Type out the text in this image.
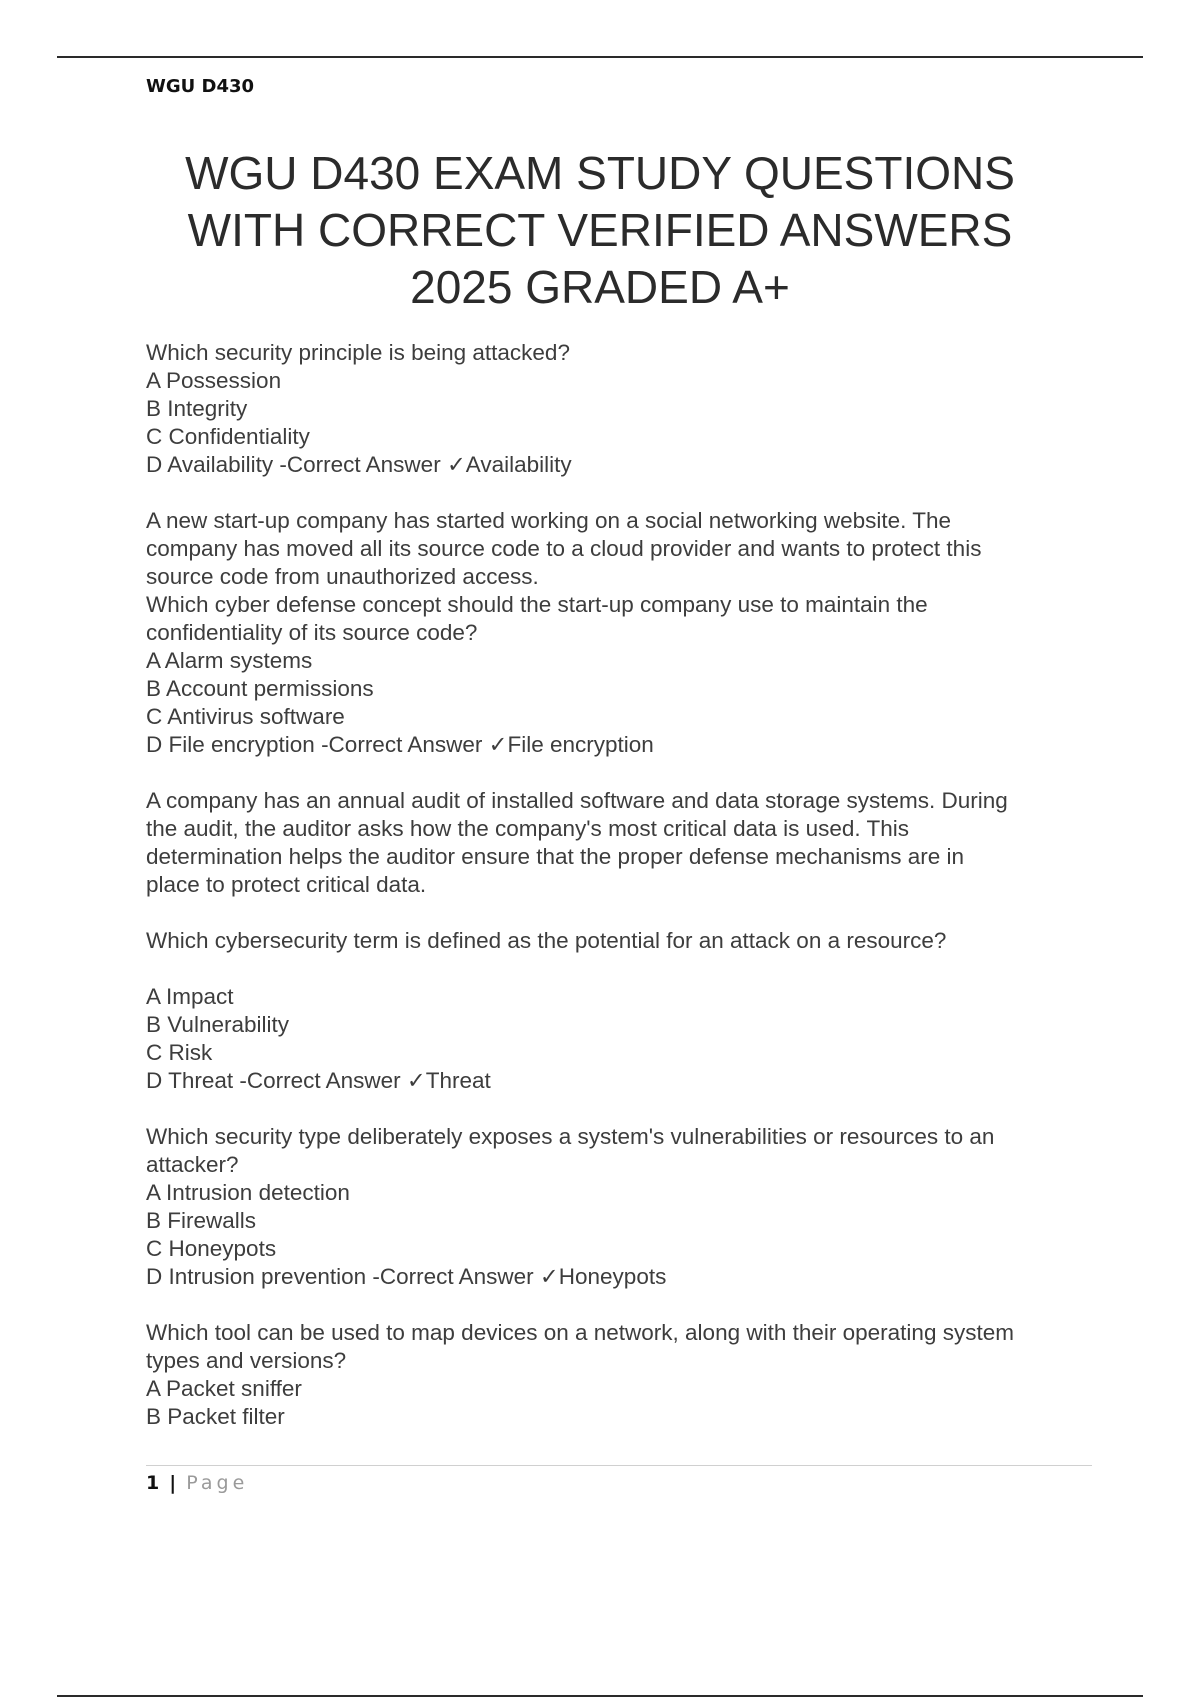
WGU D430
WGU D430 EXAM STUDY QUESTIONS
WITH CORRECT VERIFIED ANSWERS
2025 GRADED A+

Which security principle is being attacked?

A Possession

B Integrity

C Confidentiality

D Availability -Correct Answer ✓Availability

A new start-up company has started working on a social networking website. The

company has moved all its source code to a cloud provider and wants to protect this

source code from unauthorized access.

Which cyber defense concept should the start-up company use to maintain the

confidentiality of its source code?

A Alarm systems

B Account permissions

C Antivirus software

D File encryption -Correct Answer ✓File encryption

A company has an annual audit of installed software and data storage systems. During

the audit, the auditor asks how the company's most critical data is used. This

determination helps the auditor ensure that the proper defense mechanisms are in

place to protect critical data.

Which cybersecurity term is defined as the potential for an attack on a resource?

A Impact

B Vulnerability

C Risk

D Threat -Correct Answer ✓Threat

Which security type deliberately exposes a system's vulnerabilities or resources to an

attacker?

A Intrusion detection

B Firewalls

C Honeypots

D Intrusion prevention -Correct Answer ✓Honeypots

Which tool can be used to map devices on a network, along with their operating system

types and versions?

A Packet sniffer

B Packet filter

1 | Page
